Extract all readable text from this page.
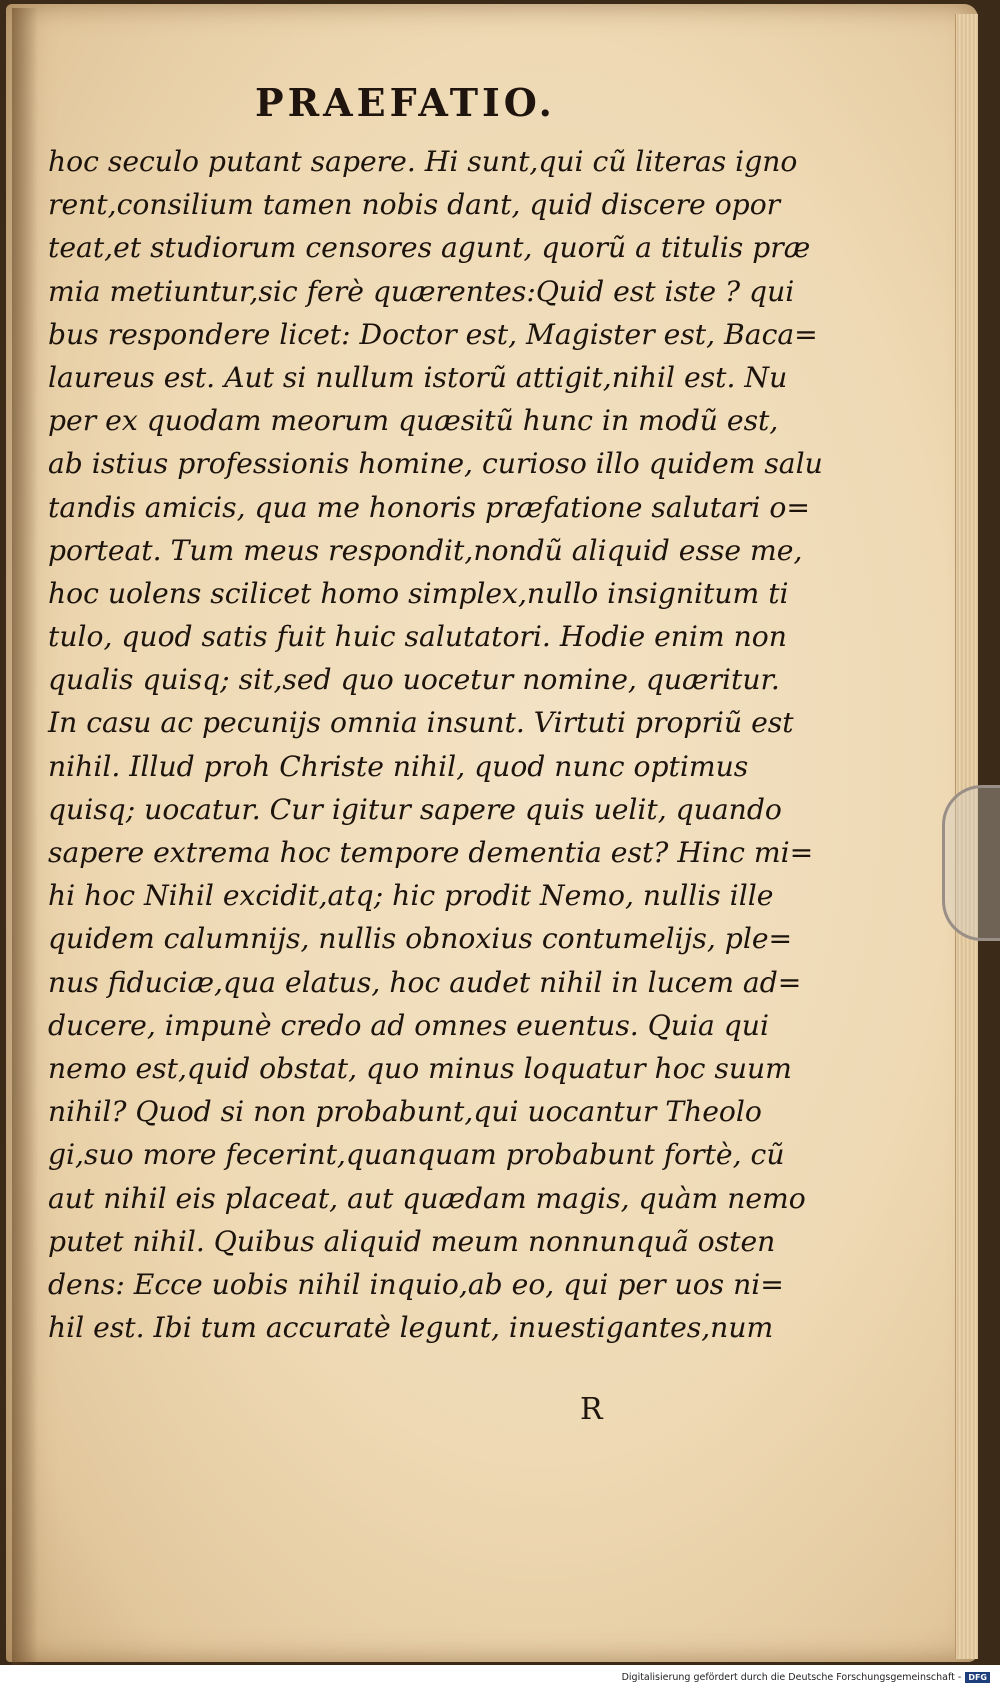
PRAEFATIO.
hoc seculo putant sapere. Hi sunt,qui cũ literas igno
rent,consilium tamen nobis dant, quid discere opor
teat,et studiorum censores agunt, quorũ a titulis præ
mia metiuntur,sic ferè quærentes:Quid est iste ? qui
bus respondere licet: Doctor est, Magister est, Baca=
laureus est. Aut si nullum istorũ attigit,nihil est. Nu
per ex quodam meorum quæsitũ hunc in modũ est,
ab istius professionis homine, curioso illo quidem salu
tandis amicis, qua me honoris præfatione salutari o=
porteat. Tum meus respondit,nondũ aliquid esse me,
hoc uolens scilicet homo simplex,nullo insignitum ti
tulo, quod satis fuit huic salutatori. Hodie enim non
qualis quisq; sit,sed quo uocetur nomine, quæritur.
In casu ac pecunijs omnia insunt. Virtuti propriũ est
nihil. Illud proh Christe nihil, quod nunc optimus
quisq; uocatur. Cur igitur sapere quis uelit, quando
sapere extrema hoc tempore dementia est? Hinc mi=
hi hoc Nihil excidit,atq; hic prodit Nemo, nullis ille
quidem calumnijs, nullis obnoxius contumelijs, ple=
nus fiduciæ,qua elatus, hoc audet nihil in lucem ad=
ducere, impunè credo ad omnes euentus. Quia qui
nemo est,quid obstat, quo minus loquatur hoc suum
nihil? Quod si non probabunt,qui uocantur Theolo
gi,suo more fecerint,quanquam probabunt fortè, cũ
aut nihil eis placeat, aut quædam magis, quàm nemo
putet nihil. Quibus aliquid meum nonnunquã osten
dens: Ecce uobis nihil inquio,ab eo, qui per uos ni=
hil est. Ibi tum accuratè legunt, inuestigantes,num
R
Digitalisierung gefördert durch die Deutsche Forschungsgemeinschaft - DFG
